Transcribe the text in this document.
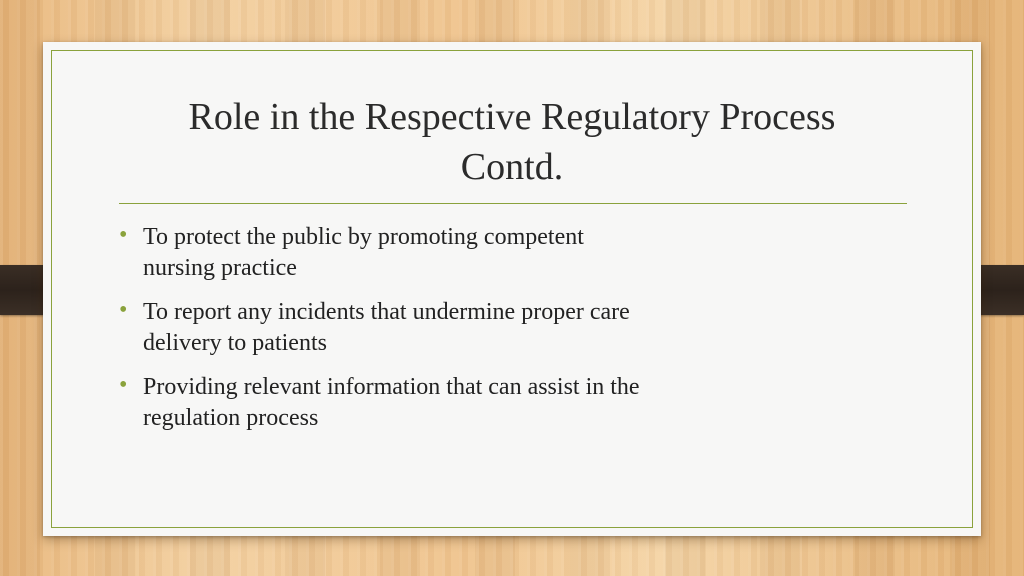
Role in the Respective Regulatory Process
Contd.
• To protect the public by promoting competent
nursing practice
• To report any incidents that undermine proper care
delivery to patients
• Providing relevant information that can assist in the
regulation process
